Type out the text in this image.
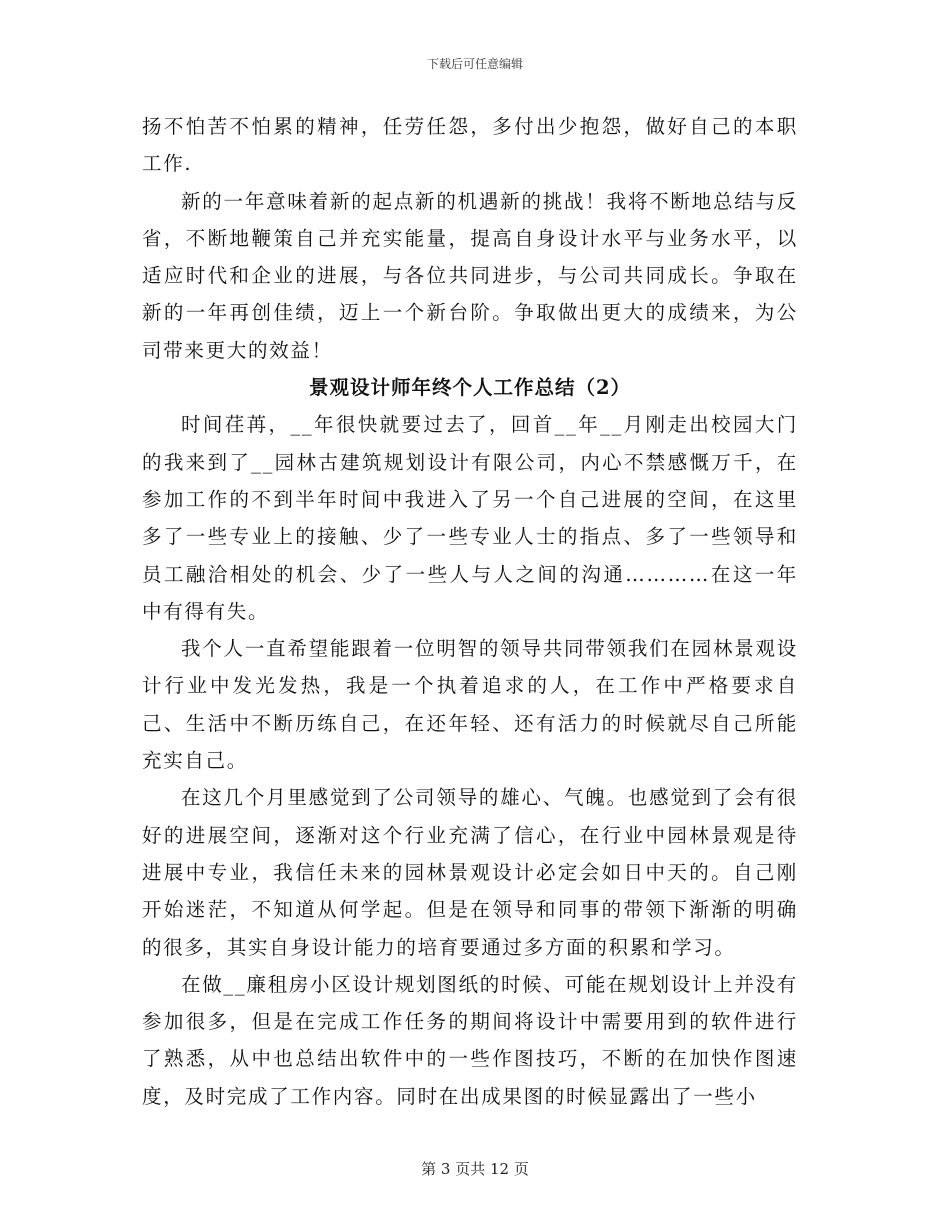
下载后可任意编辑

扬不怕苦不怕累的精神，任劳任怨，多付出少抱怨，做好自己的本职工作.

新的一年意味着新的起点新的机遇新的挑战！我将不断地总结与反省，不断地鞭策自己并充实能量，提高自身设计水平与业务水平，以适应时代和企业的进展，与各位共同进步，与公司共同成长。争取在新的一年再创佳绩，迈上一个新台阶。争取做出更大的成绩来，为公司带来更大的效益！

景观设计师年终个人工作总结（2）

时间荏苒，__年很快就要过去了，回首__年__月刚走出校园大门的我来到了__园林古建筑规划设计有限公司，内心不禁感慨万千，在参加工作的不到半年时间中我进入了另一个自己进展的空间，在这里多了一些专业上的接触、少了一些专业人士的指点、多了一些领导和员工融洽相处的机会、少了一些人与人之间的沟通…………在这一年中有得有失。

我个人一直希望能跟着一位明智的领导共同带领我们在园林景观设计行业中发光发热，我是一个执着追求的人，在工作中严格要求自己、生活中不断历练自己，在还年轻、还有活力的时候就尽自己所能充实自己。

在这几个月里感觉到了公司领导的雄心、气魄。也感觉到了会有很好的进展空间，逐渐对这个行业充满了信心，在行业中园林景观是待进展中专业，我信任未来的园林景观设计必定会如日中天的。自己刚开始迷茫，不知道从何学起。但是在领导和同事的带领下渐渐的明确的很多，其实自身设计能力的培育要通过多方面的积累和学习。

在做__廉租房小区设计规划图纸的时候、可能在规划设计上并没有参加很多，但是在完成工作任务的期间将设计中需要用到的软件进行了熟悉，从中也总结出软件中的一些作图技巧，不断的在加快作图速度，及时完成了工作内容。同时在出成果图的时候显露出了一些小

第 3 页共 12 页
